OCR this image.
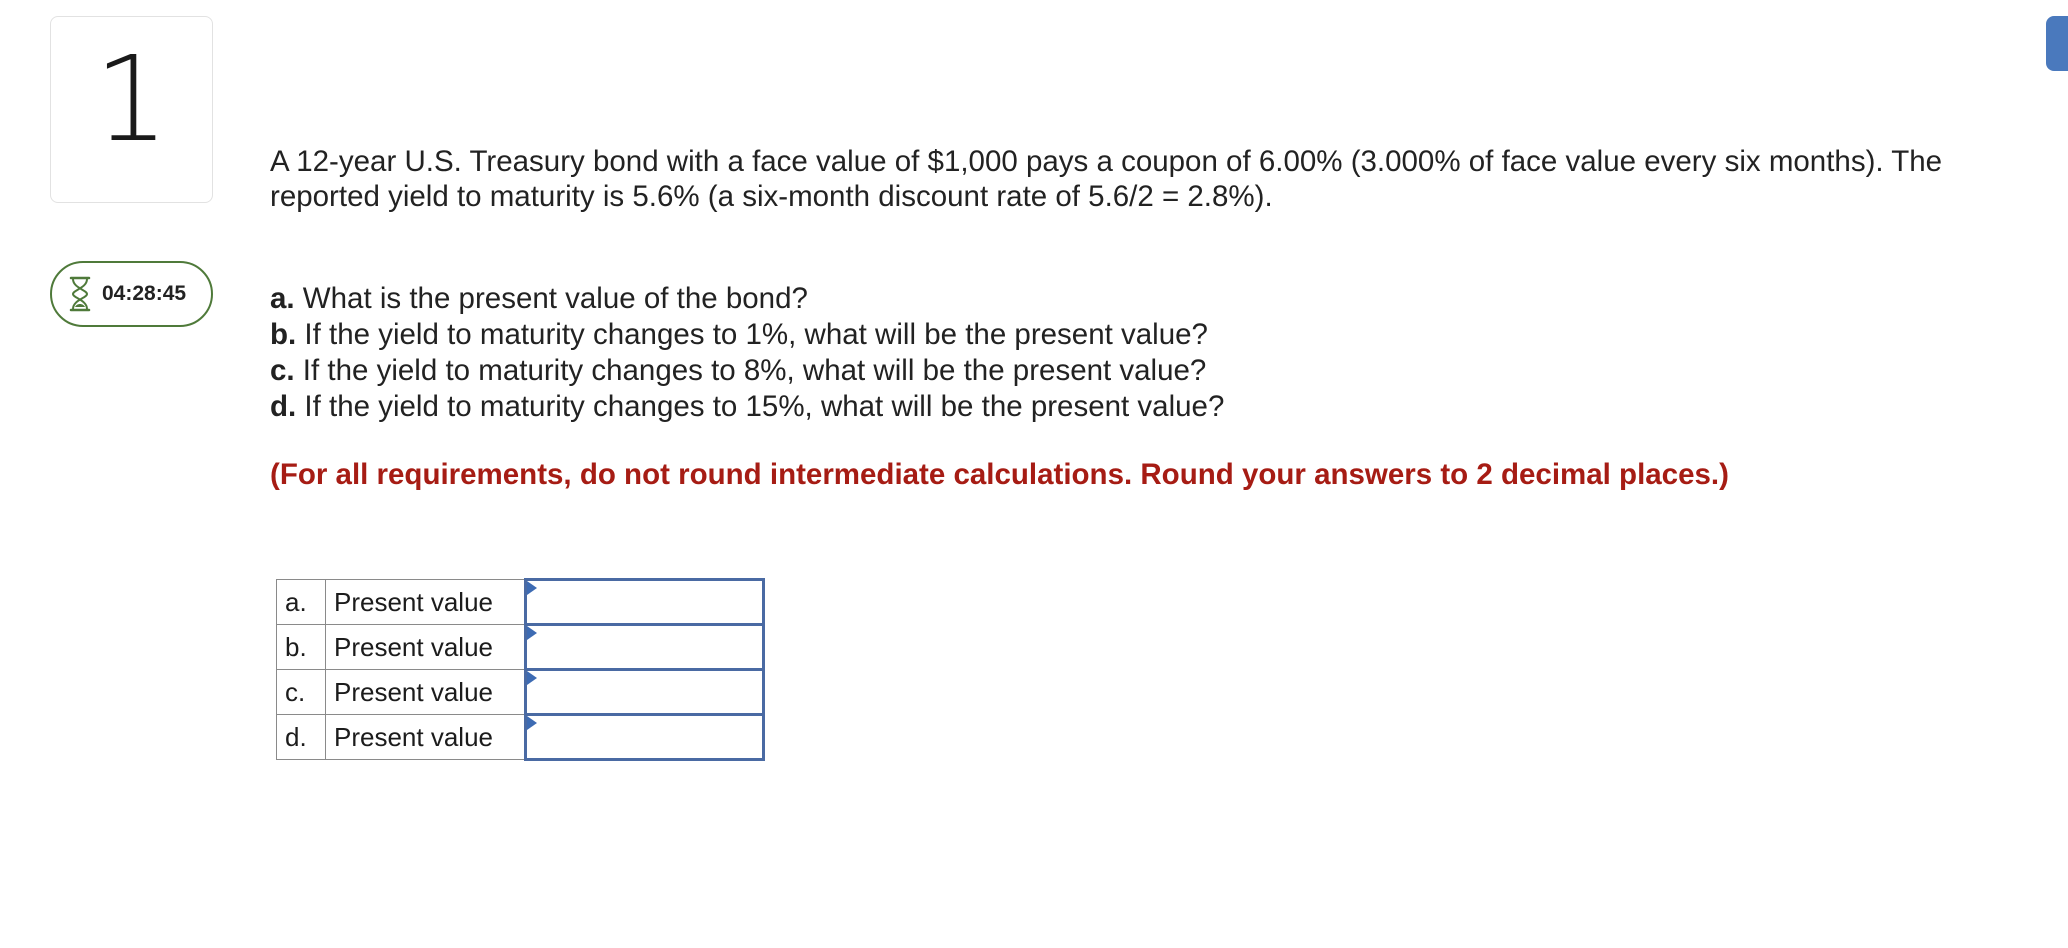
1
04:28:45

A 12-year U.S. Treasury bond with a face value of $1,000 pays a coupon of 6.00% (3.000% of face value every six months). The reported yield to maturity is 5.6% (a six-month discount rate of 5.6/2 = 2.8%).

a. What is the present value of the bond?
b. If the yield to maturity changes to 1%, what will be the present value?
c. If the yield to maturity changes to 8%, what will be the present value?
d. If the yield to maturity changes to 15%, what will be the present value?

(For all requirements, do not round intermediate calculations. Round your answers to 2 decimal places.)

a.	Present value	

b.	Present value	

c.	Present value	

d.	Present value	
